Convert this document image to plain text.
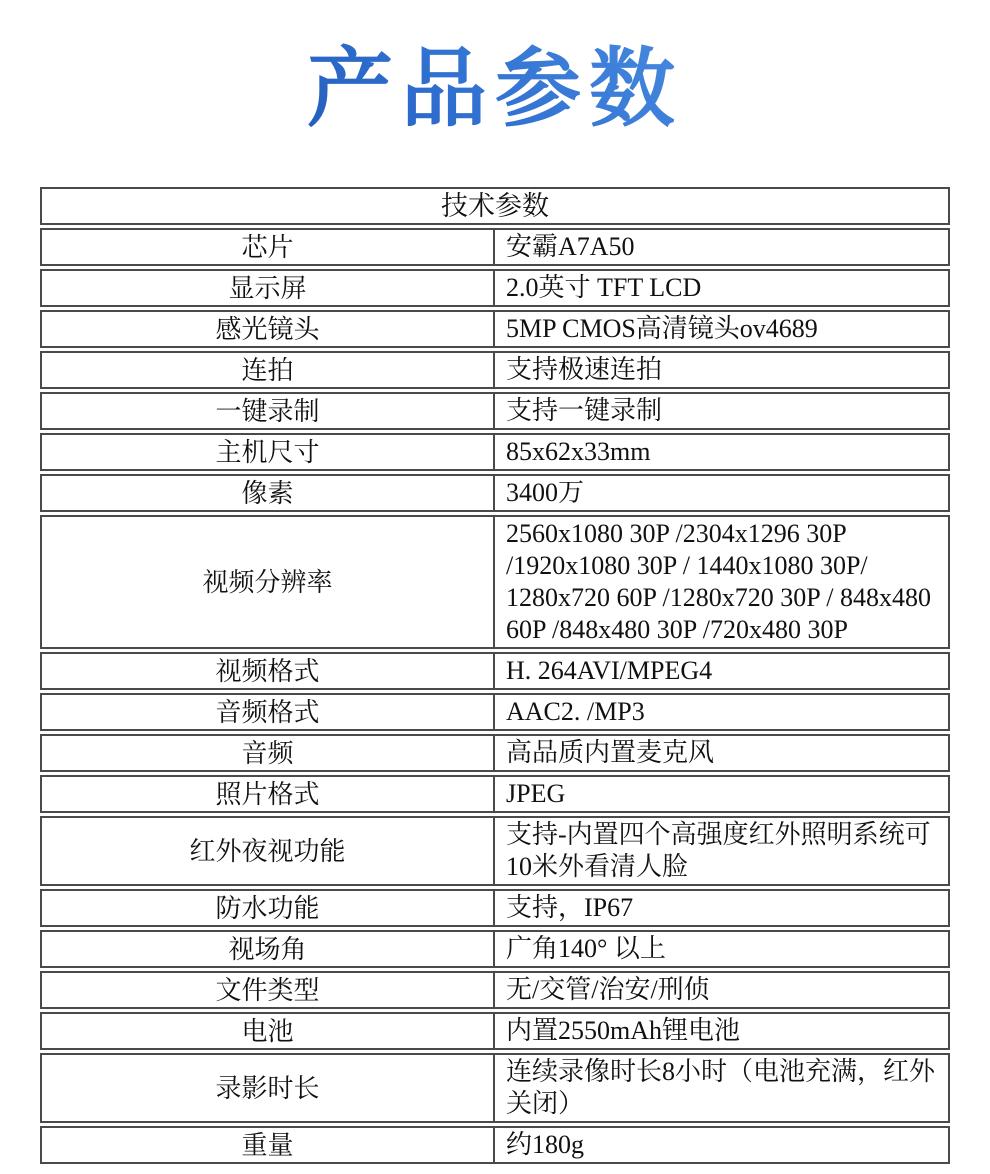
产品参数
技术参数	
芯片	安霸A7A50
显示屏	2.0英寸 TFT LCD
感光镜头	5MP CMOS高清镜头ov4689
连拍	支持极速连拍
一键录制	支持一键录制
主机尺寸	85x62x33mm
像素	3400万
视频分辨率	2560x1080 30P /2304x1296 30P /1920x1080 30P / 1440x1080 30P/ 1280x720 60P /1280x720 30P / 848x480 60P /848x480 30P /720x480 30P
视频格式	H. 264AVI/MPEG4
音频格式	AAC2. /MP3
音频	高品质内置麦克风
照片格式	JPEG
红外夜视功能	支持-内置四个高强度红外照明系统可10米外看清人脸
防水功能	支持，IP67
视场角	广角140° 以上
文件类型	无/交管/治安/刑侦
电池	内置2550mAh锂电池
录影时长	连续录像时长8小时（电池充满，红外关闭）
重量	约180g
